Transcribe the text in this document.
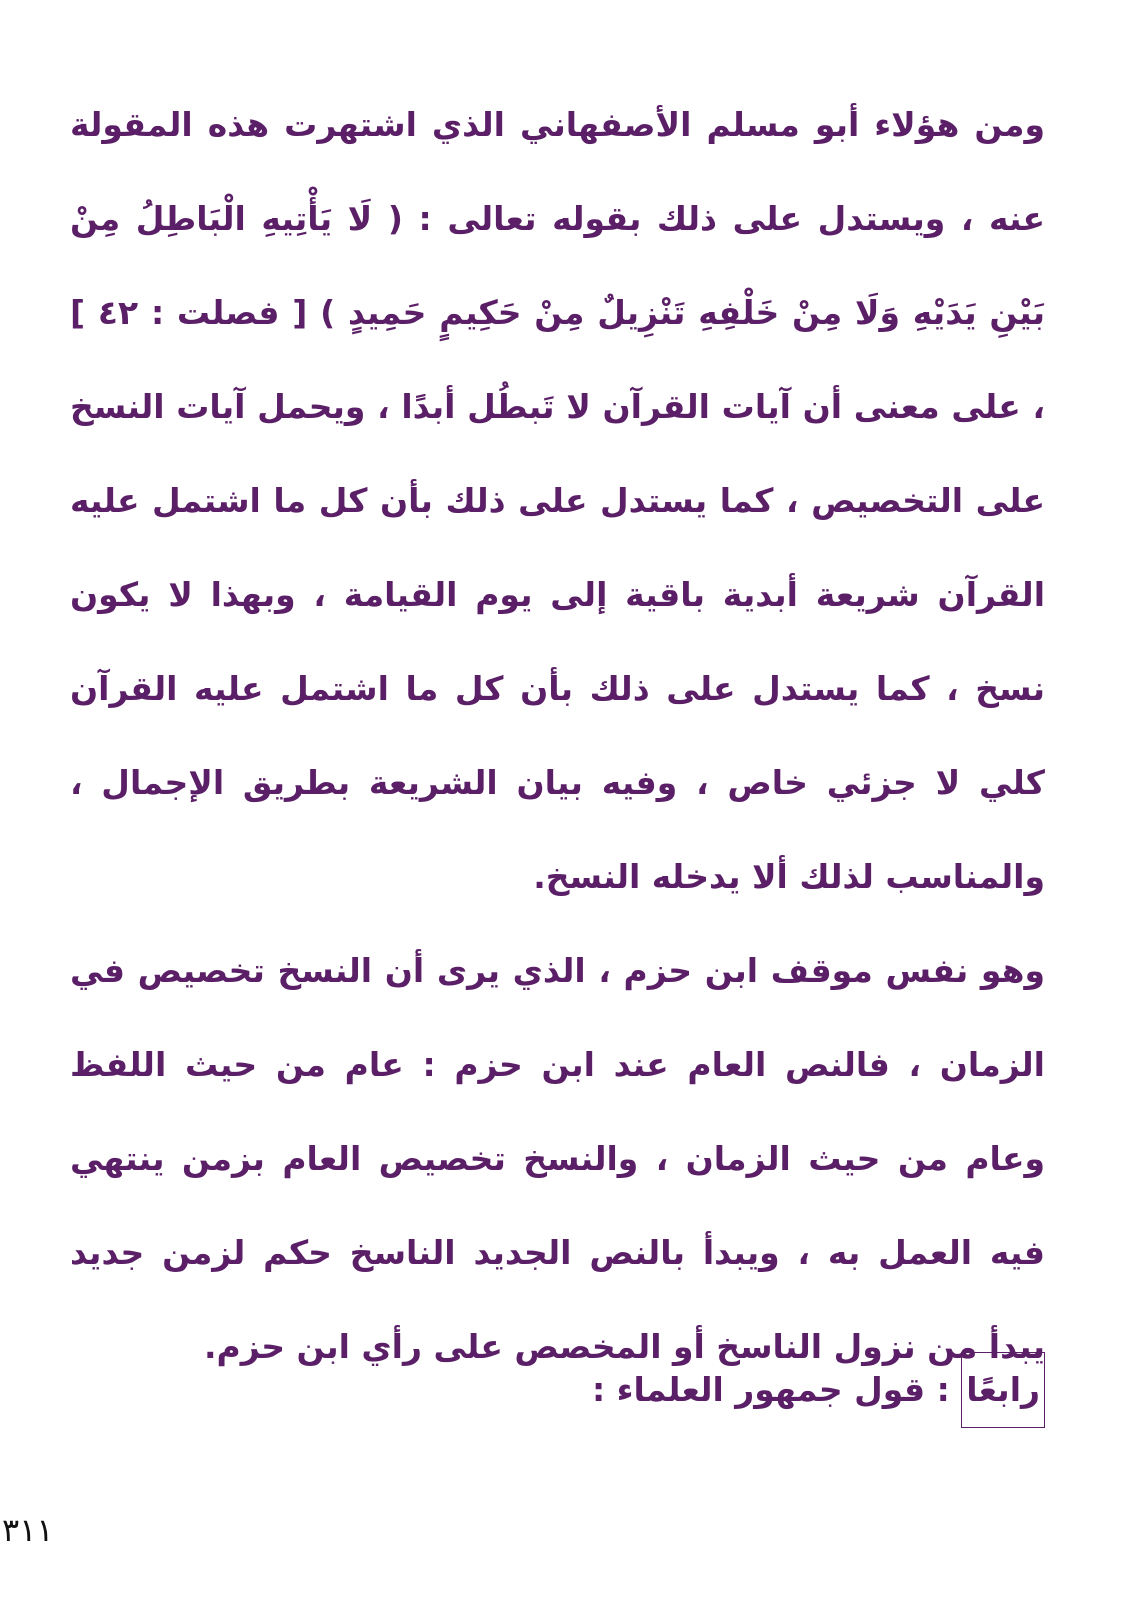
ومن هؤلاء أبو مسلم الأصفهاني الذي اشتهرت هذه المقولة عنه ، ويستدل على ذلك بقوله تعالى : ( لَا يَأْتِيهِ الْبَاطِلُ مِنْ بَيْنِ يَدَيْهِ وَلَا مِنْ خَلْفِهِ تَنْزِيلٌ مِنْ حَكِيمٍ حَمِيدٍ ) [ فصلت : ٤٢ ] ، على معنى أن آيات القرآن لا تَبطُل أبدًا ، ويحمل آيات النسخ على التخصيص ، كما يستدل على ذلك بأن كل ما اشتمل عليه القرآن شريعة أبدية باقية إلى يوم القيامة ، وبهذا لا يكون نسخ ، كما يستدل على ذلك بأن كل ما اشتمل عليه القرآن كلي لا جزئي خاص ، وفيه بيان الشريعة بطريق الإجمال ، والمناسب لذلك ألا يدخله النسخ.

وهو نفس موقف ابن حزم ، الذي يرى أن النسخ تخصيص في الزمان ، فالنص العام عند ابن حزم : عام من حيث اللفظ وعام من حيث الزمان ، والنسخ تخصيص العام بزمن ينتهي فيه العمل به ، ويبدأ بالنص الجديد الناسخ حكم لزمن جديد يبدأ من نزول الناسخ أو المخصص على رأي ابن حزم.

رابعًا : قول جمهور العلماء :
٣١١
